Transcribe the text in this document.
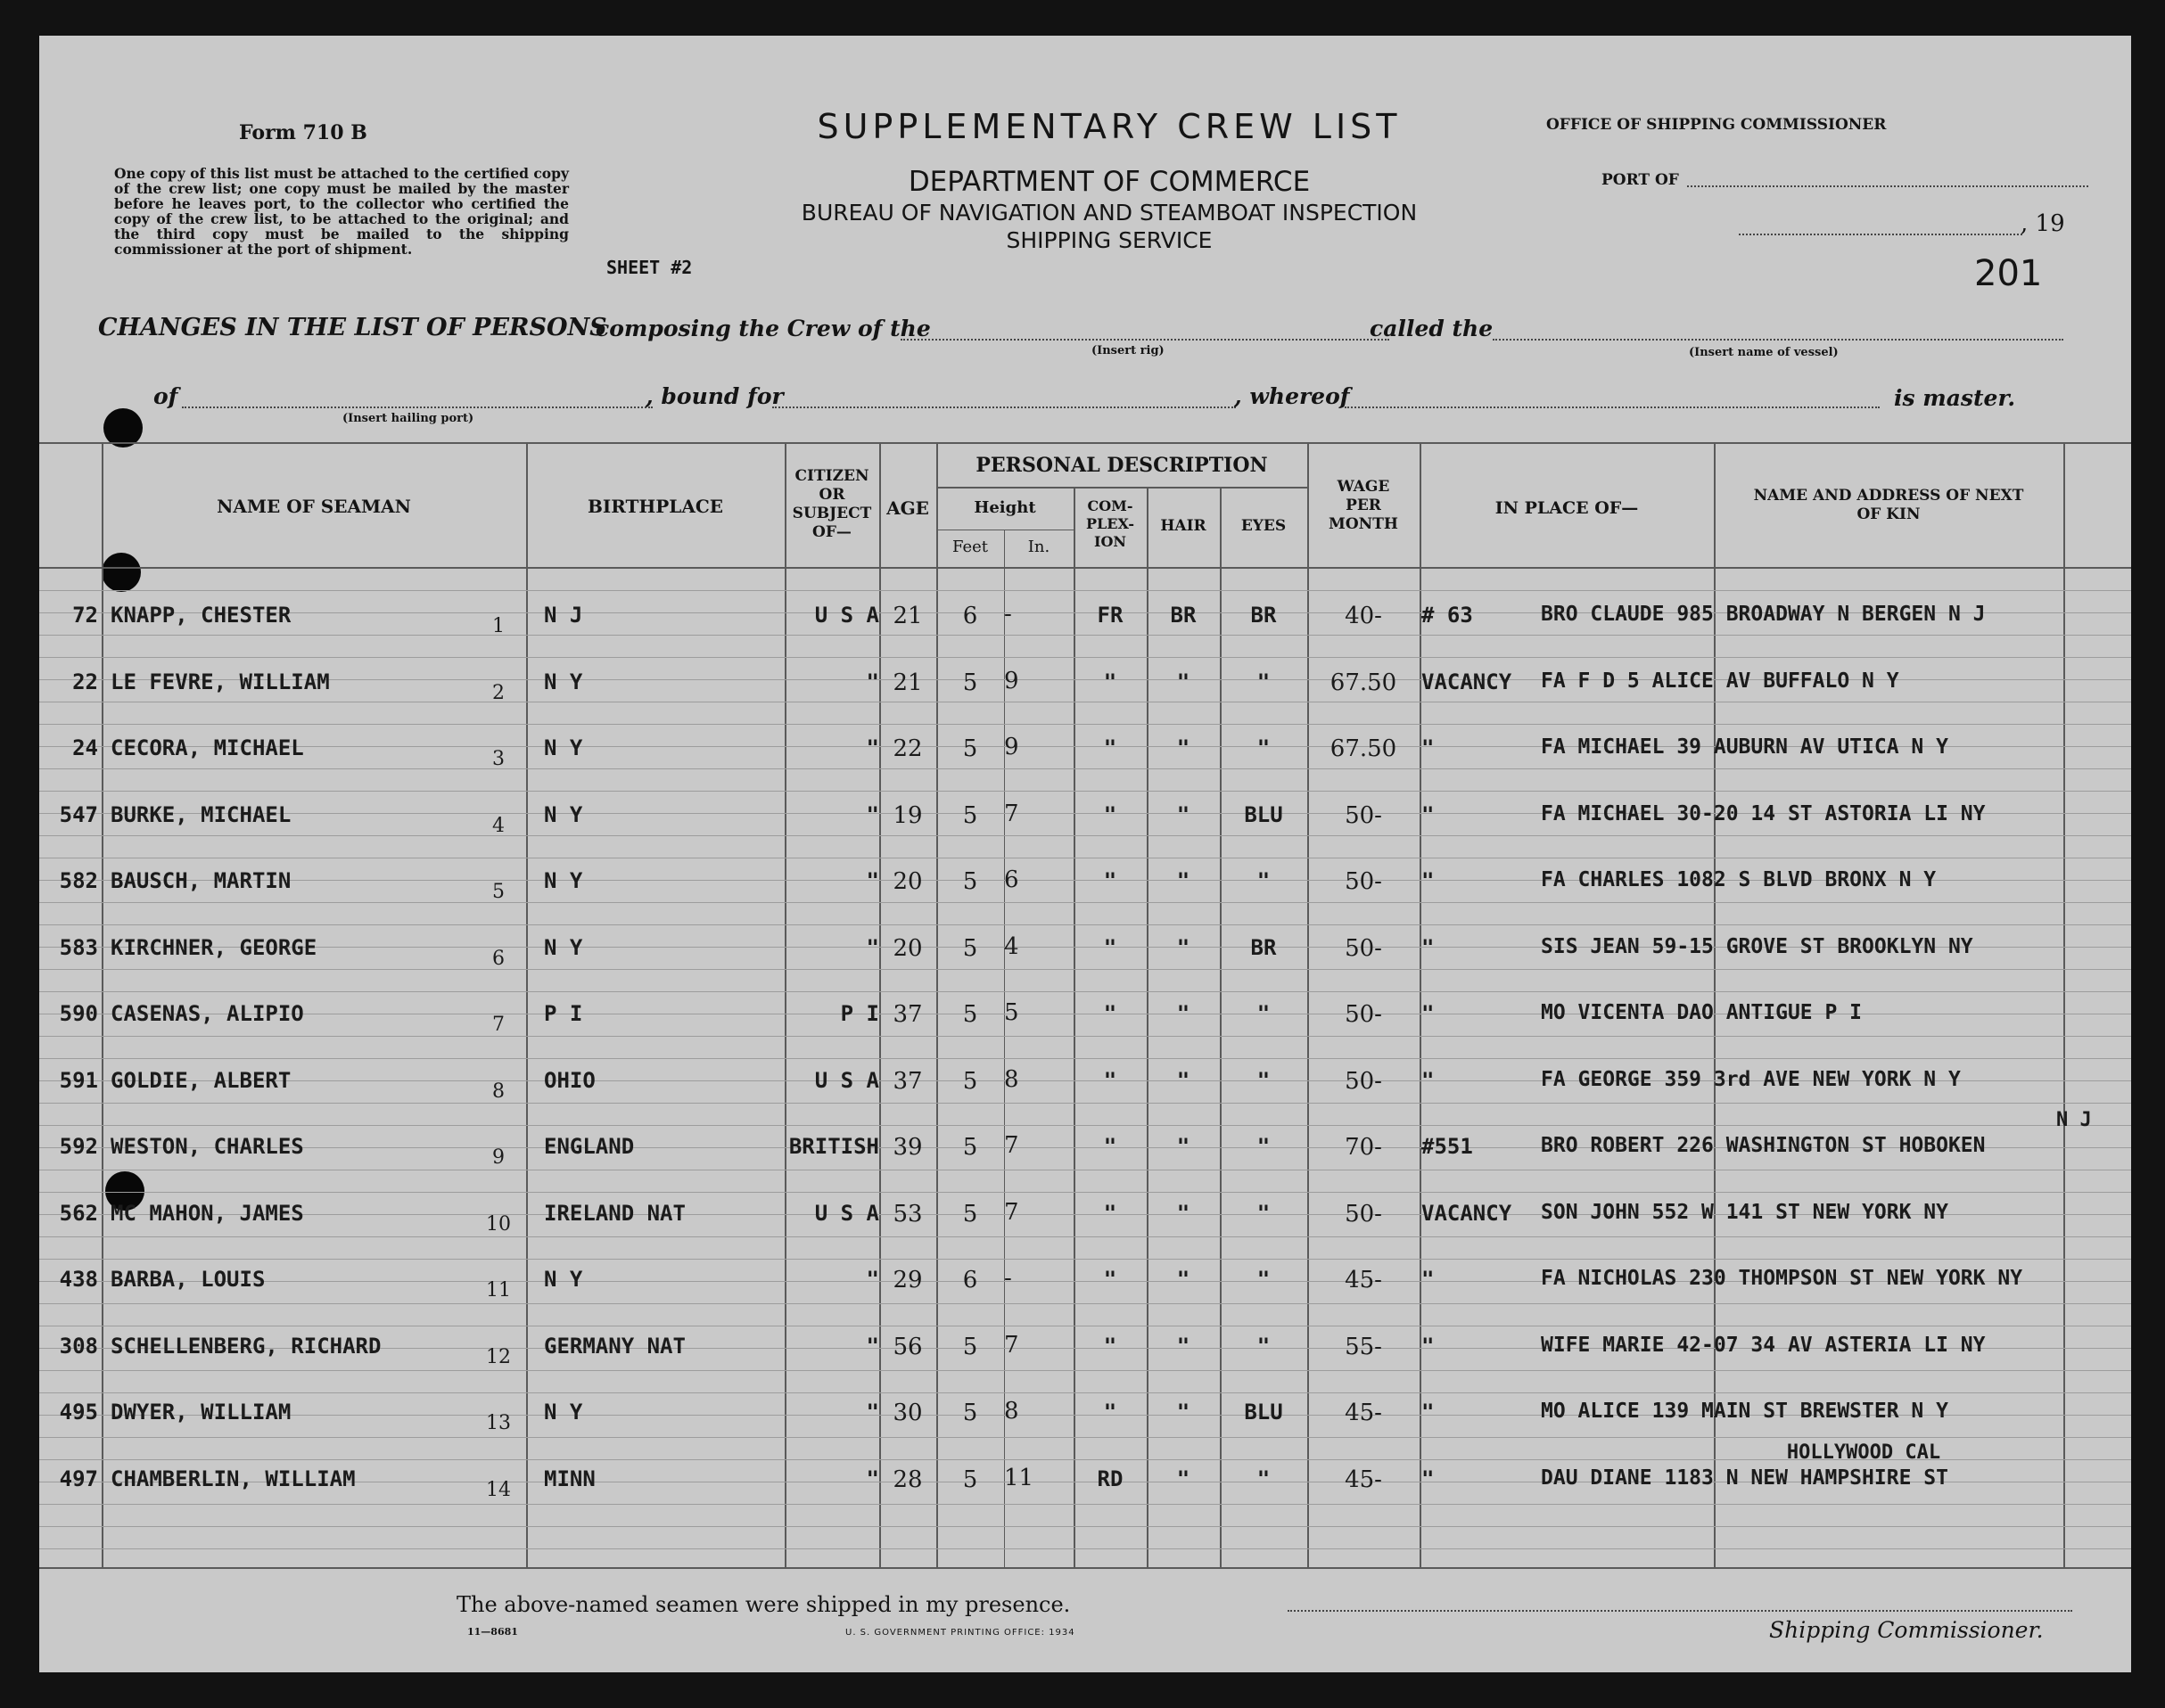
Form 710 B
One copy of this list must be attached to the certified copy of the crew list; one copy must be mailed by the master before he leaves port, to the collector who certified the copy of the crew list, to be attached to the original; and the third copy must be mailed to the shipping commissioner at the port of shipment.
SHEET #2
SUPPLEMENTARY CREW LIST
DEPARTMENT OF COMMERCE
BUREAU OF NAVIGATION AND STEAMBOAT INSPECTION
SHIPPING SERVICE
OFFICE OF SHIPPING COMMISSIONER
PORT OF
, 19
201
CHANGES IN THE LIST OF PERSONS
composing the Crew of the
(Insert rig)
called the
(Insert name of vessel)
of
(Insert hailing port)
, bound for	, whereof	is master.
NAME OF SEAMAN	BIRTHPLACE
CITIZEN
OR
SUBJECT
OF—
AGE
PERSONAL DESCRIPTION
Height
Feet	In.
COM-
PLEX-
ION
HAIR	EYES
WAGE
PER
MONTH
IN PLACE OF—
NAME AND ADDRESS OF NEXT
OF KIN
72 KNAPP, CHESTER	N J	U S A 21	6	-	FR	BR	BR	40-	# 63	BRO CLAUDE 985 BROADWAY N BERGEN N J
1
22 LE FEVRE, WILLIAM	N Y	" 21	5	9	"	"	"	67.50	VACANCY	FA F D 5 ALICE AV BUFFALO N Y
2
24 CECORA, MICHAEL	N Y	" 22	5	9	"	"	"	67.50	"	FA MICHAEL 39 AUBURN AV UTICA N Y
3
547 BURKE, MICHAEL	N Y	" 19	5	7	"	"	BLU	50-	"	FA MICHAEL 30-20 14 ST ASTORIA LI NY
4
582 BAUSCH, MARTIN	N Y	" 20	5	6	"	"	"	50-	"	FA CHARLES 1082 S BLVD BRONX N Y
5
583 KIRCHNER, GEORGE	N Y	" 20	5	4	"	"	BR	50-	"	SIS JEAN 59-15 GROVE ST BROOKLYN NY
6
590 CASENAS, ALIPIO	P I	P I 37	5	5	"	"	"	50-	"	MO VICENTA DAO ANTIGUE P I
7
591 GOLDIE, ALBERT	OHIO	U S A 37	5	8	"	"	"	50-	"	FA GEORGE 359 3rd AVE NEW YORK N Y
8
592 WESTON, CHARLES	ENGLAND	BRITISH 39	5	7	"	"	"	70-	#551	BRO ROBERT 226 WASHINGTON ST HOBOKEN
9
N J
562 MC MAHON, JAMES	IRELAND NAT	U S A 53	5	7	"	"	"	50-	VACANCY	SON JOHN 552 W 141 ST NEW YORK NY
10
438 BARBA, LOUIS	N Y	" 29	6	-	"	"	"	45-	"	FA NICHOLAS 230 THOMPSON ST NEW YORK NY
11
308 SCHELLENBERG, RICHARD	GERMANY NAT	" 56	5	7	"	"	"	55-	"	WIFE MARIE 42-07 34 AV ASTERIA LI NY
12
495 DWYER, WILLIAM	N Y	" 30	5	8	"	"	BLU	45-	"	MO ALICE 139 MAIN ST BREWSTER N Y
13
497 CHAMBERLIN, WILLIAM	MINN	" 28	5	11	RD	"	"	45-	"	DAU DIANE 1183 N NEW HAMPSHIRE ST
14
HOLLYWOOD CAL
The above-named seamen were shipped in my presence.
11—8681	U. S. GOVERNMENT PRINTING OFFICE: 1934	Shipping Commissioner.
